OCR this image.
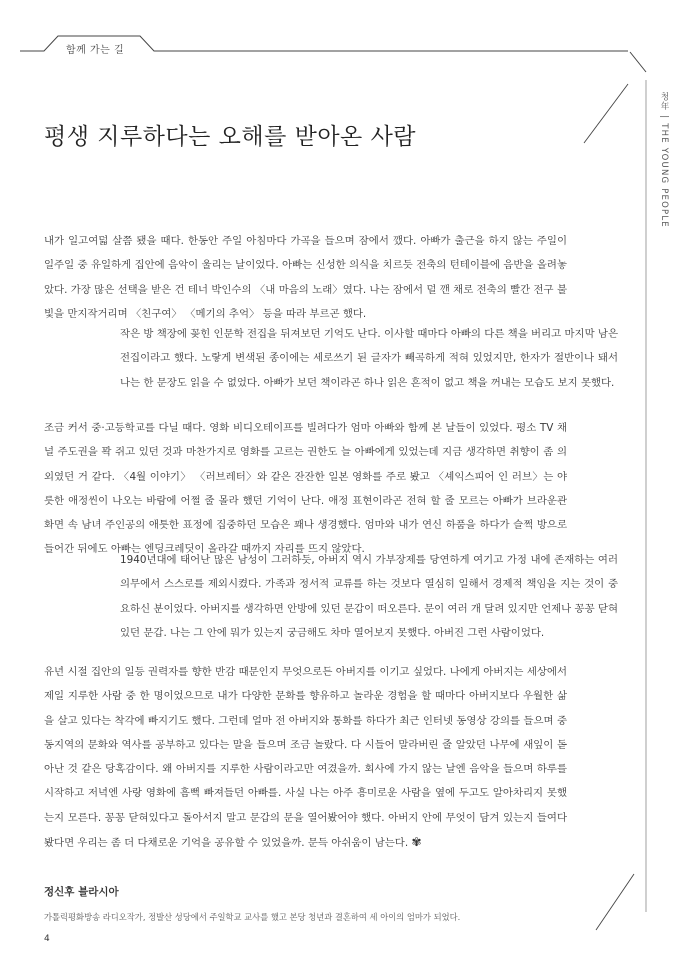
함께 가는 길
청年 | THE YOUNG PEOPLE
평생 지루하다는 오해를 받아온 사람

내가 일고여덟 살쯤 됐을 때다. 한동안 주일 아침마다 가곡을 들으며 잠에서 깼다. 아빠가 출근을 하지 않는 주일이 일주일 중 유일하게 집안에 음악이 울리는 날이었다. 아빠는 신성한 의식을 치르듯 전축의 턴테이블에 음반을 올려놓았다. 가장 많은 선택을 받은 건 테너 박인수의 〈내 마음의 노래〉였다. 나는 잠에서 덜 깬 채로 전축의 빨간 전구 불빛을 만지작거리며 〈친구여〉 〈메기의 추억〉 등을 따라 부르곤 했다.

작은 방 책장에 꽂힌 인문학 전집을 뒤져보던 기억도 난다. 이사할 때마다 아빠의 다른 책을 버리고 마지막 남은 전집이라고 했다. 노랗게 변색된 종이에는 세로쓰기 된 글자가 빼곡하게 적혀 있었지만, 한자가 절반이나 돼서 나는 한 문장도 읽을 수 없었다. 아빠가 보던 책이라곤 하나 읽은 흔적이 없고 책을 꺼내는 모습도 보지 못했다.

조금 커서 중·고등학교를 다닐 때다. 영화 비디오테이프를 빌려다가 엄마 아빠와 함께 본 날들이 있었다. 평소 TV 채널 주도권을 꽉 쥐고 있던 것과 마찬가지로 영화를 고르는 권한도 늘 아빠에게 있었는데 지금 생각하면 취향이 좀 의외였던 거 같다. 〈4월 이야기〉 〈러브레터〉와 같은 잔잔한 일본 영화를 주로 봤고 〈셰익스피어 인 러브〉는 야릇한 애정씬이 나오는 바람에 어쩔 줄 몰라 했던 기억이 난다. 애정 표현이라곤 전혀 할 줄 모르는 아빠가 브라운관 화면 속 남녀 주인공의 애틋한 표정에 집중하던 모습은 꽤나 생경했다. 엄마와 내가 연신 하품을 하다가 슬쩍 방으로 들어간 뒤에도 아빠는 엔딩크레딧이 올라갈 때까지 자리를 뜨지 않았다.

1940년대에 태어난 많은 남성이 그러하듯, 아버지 역시 가부장제를 당연하게 여기고 가정 내에 존재하는 여러 의무에서 스스로를 제외시켰다. 가족과 정서적 교류를 하는 것보다 열심히 일해서 경제적 책임을 지는 것이 중요하신 분이었다. 아버지를 생각하면 안방에 있던 문갑이 떠오른다. 문이 여러 개 달려 있지만 언제나 꽁꽁 닫혀있던 문갑. 나는 그 안에 뭐가 있는지 궁금해도 차마 열어보지 못했다. 아버진 그런 사람이었다.

유년 시절 집안의 일등 권력자를 향한 반감 때문인지 무엇으로든 아버지를 이기고 싶었다. 나에게 아버지는 세상에서 제일 지루한 사람 중 한 명이었으므로 내가 다양한 문화를 향유하고 놀라운 경험을 할 때마다 아버지보다 우월한 삶을 살고 있다는 착각에 빠지기도 했다. 그런데 얼마 전 아버지와 통화를 하다가 최근 인터넷 동영상 강의를 들으며 중동지역의 문화와 역사를 공부하고 있다는 말을 들으며 조금 놀랐다. 다 시들어 말라버린 줄 알았던 나무에 새잎이 돋아난 것 같은 당혹감이다. 왜 아버지를 지루한 사람이라고만 여겼을까. 회사에 가지 않는 날엔 음악을 들으며 하루를 시작하고 저녁엔 사랑 영화에 흠뻑 빠져들던 아빠를. 사실 나는 아주 흥미로운 사람을 옆에 두고도 알아차리지 못했는지 모른다. 꽁꽁 닫혀있다고 돌아서지 말고 문갑의 문을 열어봤어야 했다. 아버지 안에 무엇이 담겨 있는지 들여다봤다면 우리는 좀 더 다채로운 기억을 공유할 수 있었을까. 문득 아쉬움이 남는다. ✾

정신후 블라시아

가톨릭평화방송 라디오작가, 정발산 성당에서 주일학교 교사를 했고 본당 청년과 결혼하여 세 아이의 엄마가 되었다.

4
